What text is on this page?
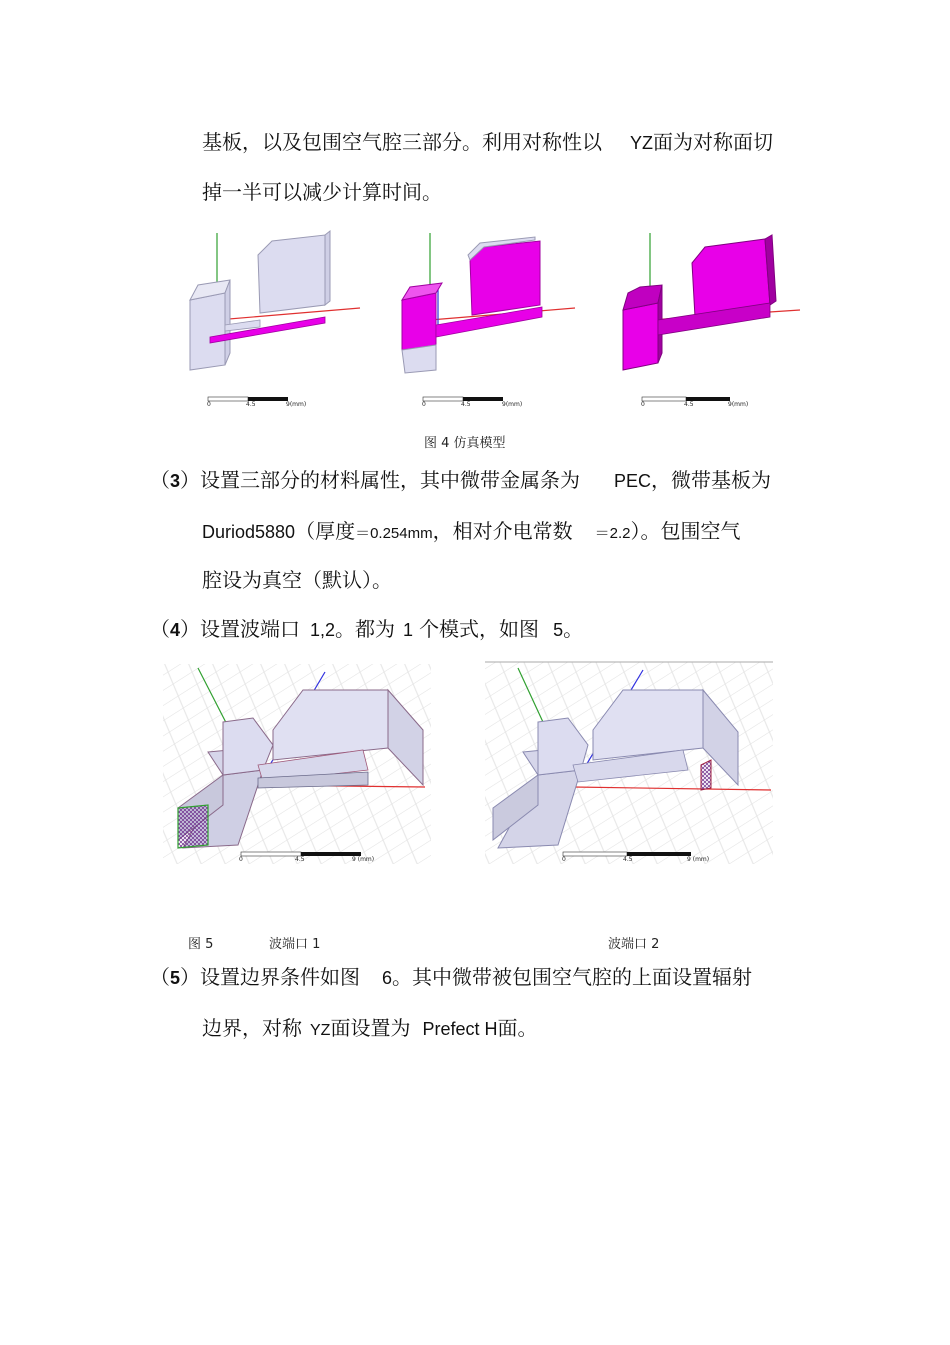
基板，以及包围空气腔三部分。利用对称性以 YZ面为对称面切
掉一半可以减少计算时间。
0	4.5	9(mm)	0	4.5	9(mm)	0	4.5	9(mm)
图 4 仿真模型
（3）设置三部分的材料属性，其中微带金属条为 PEC，微带基板为
Duriod5880（厚度＝0.254mm，相对介电常数 ＝2.2）。包围空气
腔设为真空（默认）。
（4）设置波端口 1,2。都为 1 个模式，如图 5。
0	4.5	9 (mm)	0	4.5	9 (mm)
图 5	波端口 1	波端口 2
（5）设置边界条件如图 6。其中微带被包围空气腔的上面设置辐射
边界，对称 YZ面设置为 Prefect H面。
